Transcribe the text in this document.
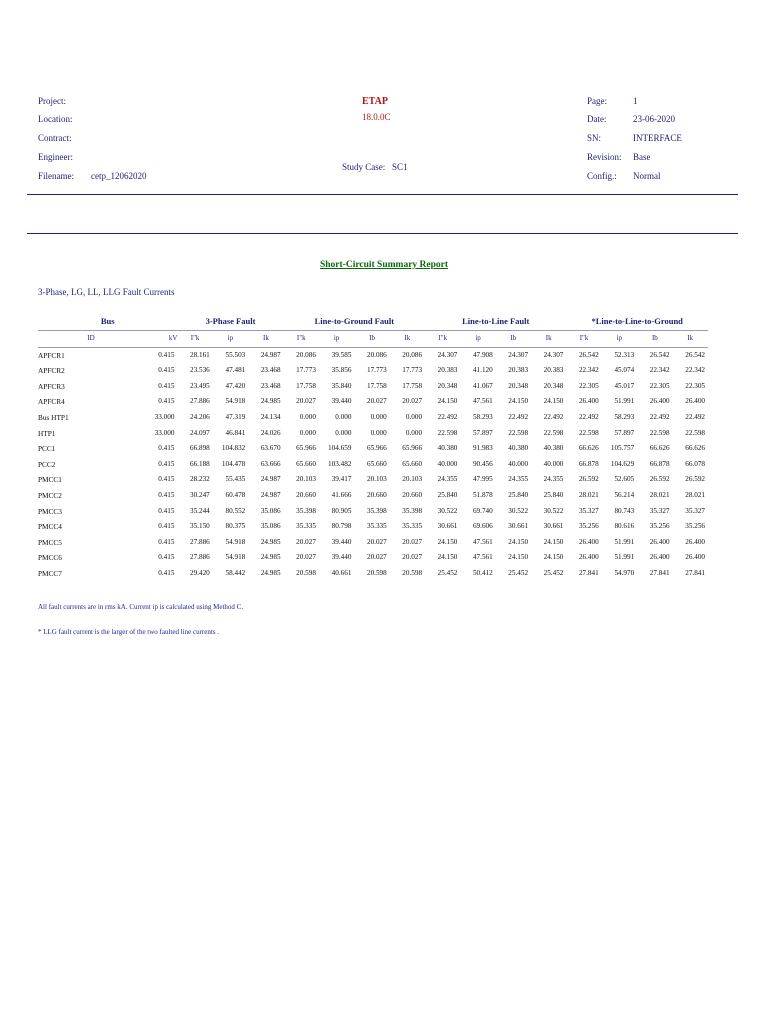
Project:
Location:
Contract:
Engineer:
Filename: cetp_12062020
ETAP
18.0.0C
Study Case: SC1
Page:	1
Date:	23-06-2020
SN:	INTERFACE
Revision: Base
Config.: Normal
Short-Circuit Summary Report
3-Phase, LG, LL, LLG Fault Currents
Bus		3-Phase Fault			Line-to-Ground Fault				Line-to-Line Fault				*Line-to-Line-to-Ground			
ID	kV	I"k	ip	Ik	I"k	ip	Ib	Ik	I"k	ip	Ib	Ik	I"k	ip	Ib	Ik
APFCR1	0.415	28.161	55.503	24.987	20.086	39.585	20.086	20.086	24.307	47.908	24.307	24.307	26.542	52.313	26.542	26.542
APFCR2	0.415	23.536	47.481	23.468	17.773	35.856	17.773	17.773	20.383	41.120	20.383	20.383	22.342	45.074	22.342	22.342
APFCR3	0.415	23.495	47.420	23.468	17.758	35.840	17.758	17.758	20.348	41.067	20.348	20.348	22.305	45.017	22.305	22.305
APFCR4	0.415	27.886	54.918	24.985	20.027	39.440	20.027	20.027	24.150	47.561	24.150	24.150	26.400	51.991	26.400	26.400
Bus HTP1	33.000	24.206	47.319	24.134	0.000	0.000	0.000	0.000	22.492	58.293	22.492	22.492	22.492	58.293	22.492	22.492
HTP1	33.000	24.097	46.841	24.026	0.000	0.000	0.000	0.000	22.598	57.897	22.598	22.598	22.598	57.897	22.598	22.598
PCC1	0.415	66.898	104.832	63.670	65.966	104.659	65.966	65.966	40.380	91.983	40.380	40.380	66.626	105.757	66.626	66.626
PCC2	0.415	66.188	104.478	63.666	65.660	103.482	65.660	65.660	40.000	90.456	40.000	40.000	66.878	104.629	66.878	66.078
PMCC1	0.415	28.232	55.435	24.987	20.103	39.417	20.103	20.103	24.355	47.995	24.355	24.355	26.592	52.605	26.592	26.592
PMCC2	0.415	30.247	60.478	24.987	20.660	41.666	20.660	20.660	25.840	51.878	25.840	25.840	28.021	56.214	28.021	28.021
PMCC3	0.415	35.244	80.552	35.086	35.398	80.905	35.398	35.398	30.522	69.740	30.522	30.522	35.327	80.743	35.327	35.327
PMCC4	0.415	35.150	80.375	35.086	35.335	80.798	35.335	35.335	30.661	69.606	30.661	30.661	35.256	80.616	35.256	35.256
PMCC5	0.415	27.886	54.918	24.985	20.027	39.440	20.027	20.027	24.150	47.561	24.150	24.150	26.400	51.991	26.400	26.400
PMCC6	0.415	27.886	54.918	24.985	20.027	39.440	20.027	20.027	24.150	47.561	24.150	24.150	26.400	51.991	26.400	26.400
PMCC7	0.415	29.420	58.442	24.985	20.598	40.661	20.598	20.598	25.452	50.412	25.452	25.452	27.841	54.970	27.841	27.841
All fault currents are in rms kA. Current ip is calculated using Method C.
* LLG fault current is the larger of the two faulted line currents .
